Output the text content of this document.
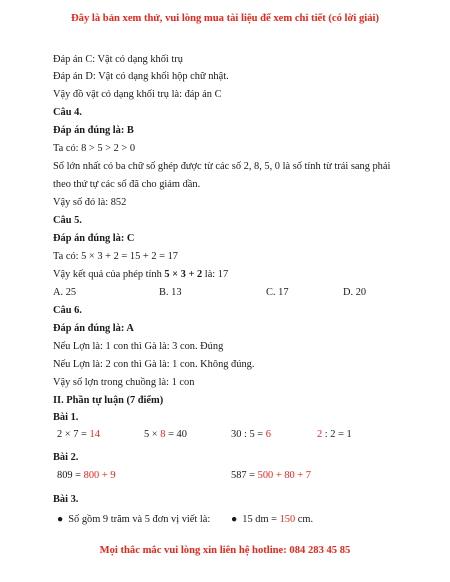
Đây là bản xem thử, vui lòng mua tài liệu để xem chi tiết (có lời giải)
Đáp án C: Vật có dạng khối trụ
Đáp án D: Vật có dạng khối hộp chữ nhật.
Vậy đồ vật có dạng khối trụ là: đáp án C
Câu 4.
Đáp án đúng là: B
Ta có: 8 > 5 > 2 > 0
Số lớn nhất có ba chữ số ghép được từ các số 2, 8, 5, 0 là số tính từ trái sang phải
theo thứ tự các số đã cho giảm dần.
Vậy số đó là: 852
Câu 5.
Đáp án đúng là: C
Ta có: 5 × 3 + 2 = 15 + 2 = 17
Vậy kết quả của phép tính 5 × 3 + 2 là: 17
A. 25	B. 13	C. 17	D. 20
Câu 6.
Đáp án đúng là: A
Nếu Lợn là: 1 con thì Gà là: 3 con. Đúng
Nếu Lợn là: 2 con thì Gà là: 1 con. Không đúng.
Vậy số lợn trong chuồng là: 1 con
II. Phần tự luận (7 điểm)
Bài 1.
2 × 7 = 14	5 × 8 = 40	30 : 5 = 6	2 : 2 = 1
Bài 2.
809 = 800 + 9	587 = 500 + 80 + 7
Bài 3.
● Số gồm 9 trăm và 5 đơn vị viết là: ● 15 dm = 150 cm.
Mọi thắc mắc vui lòng xin liên hệ hotline: 084 283 45 85
